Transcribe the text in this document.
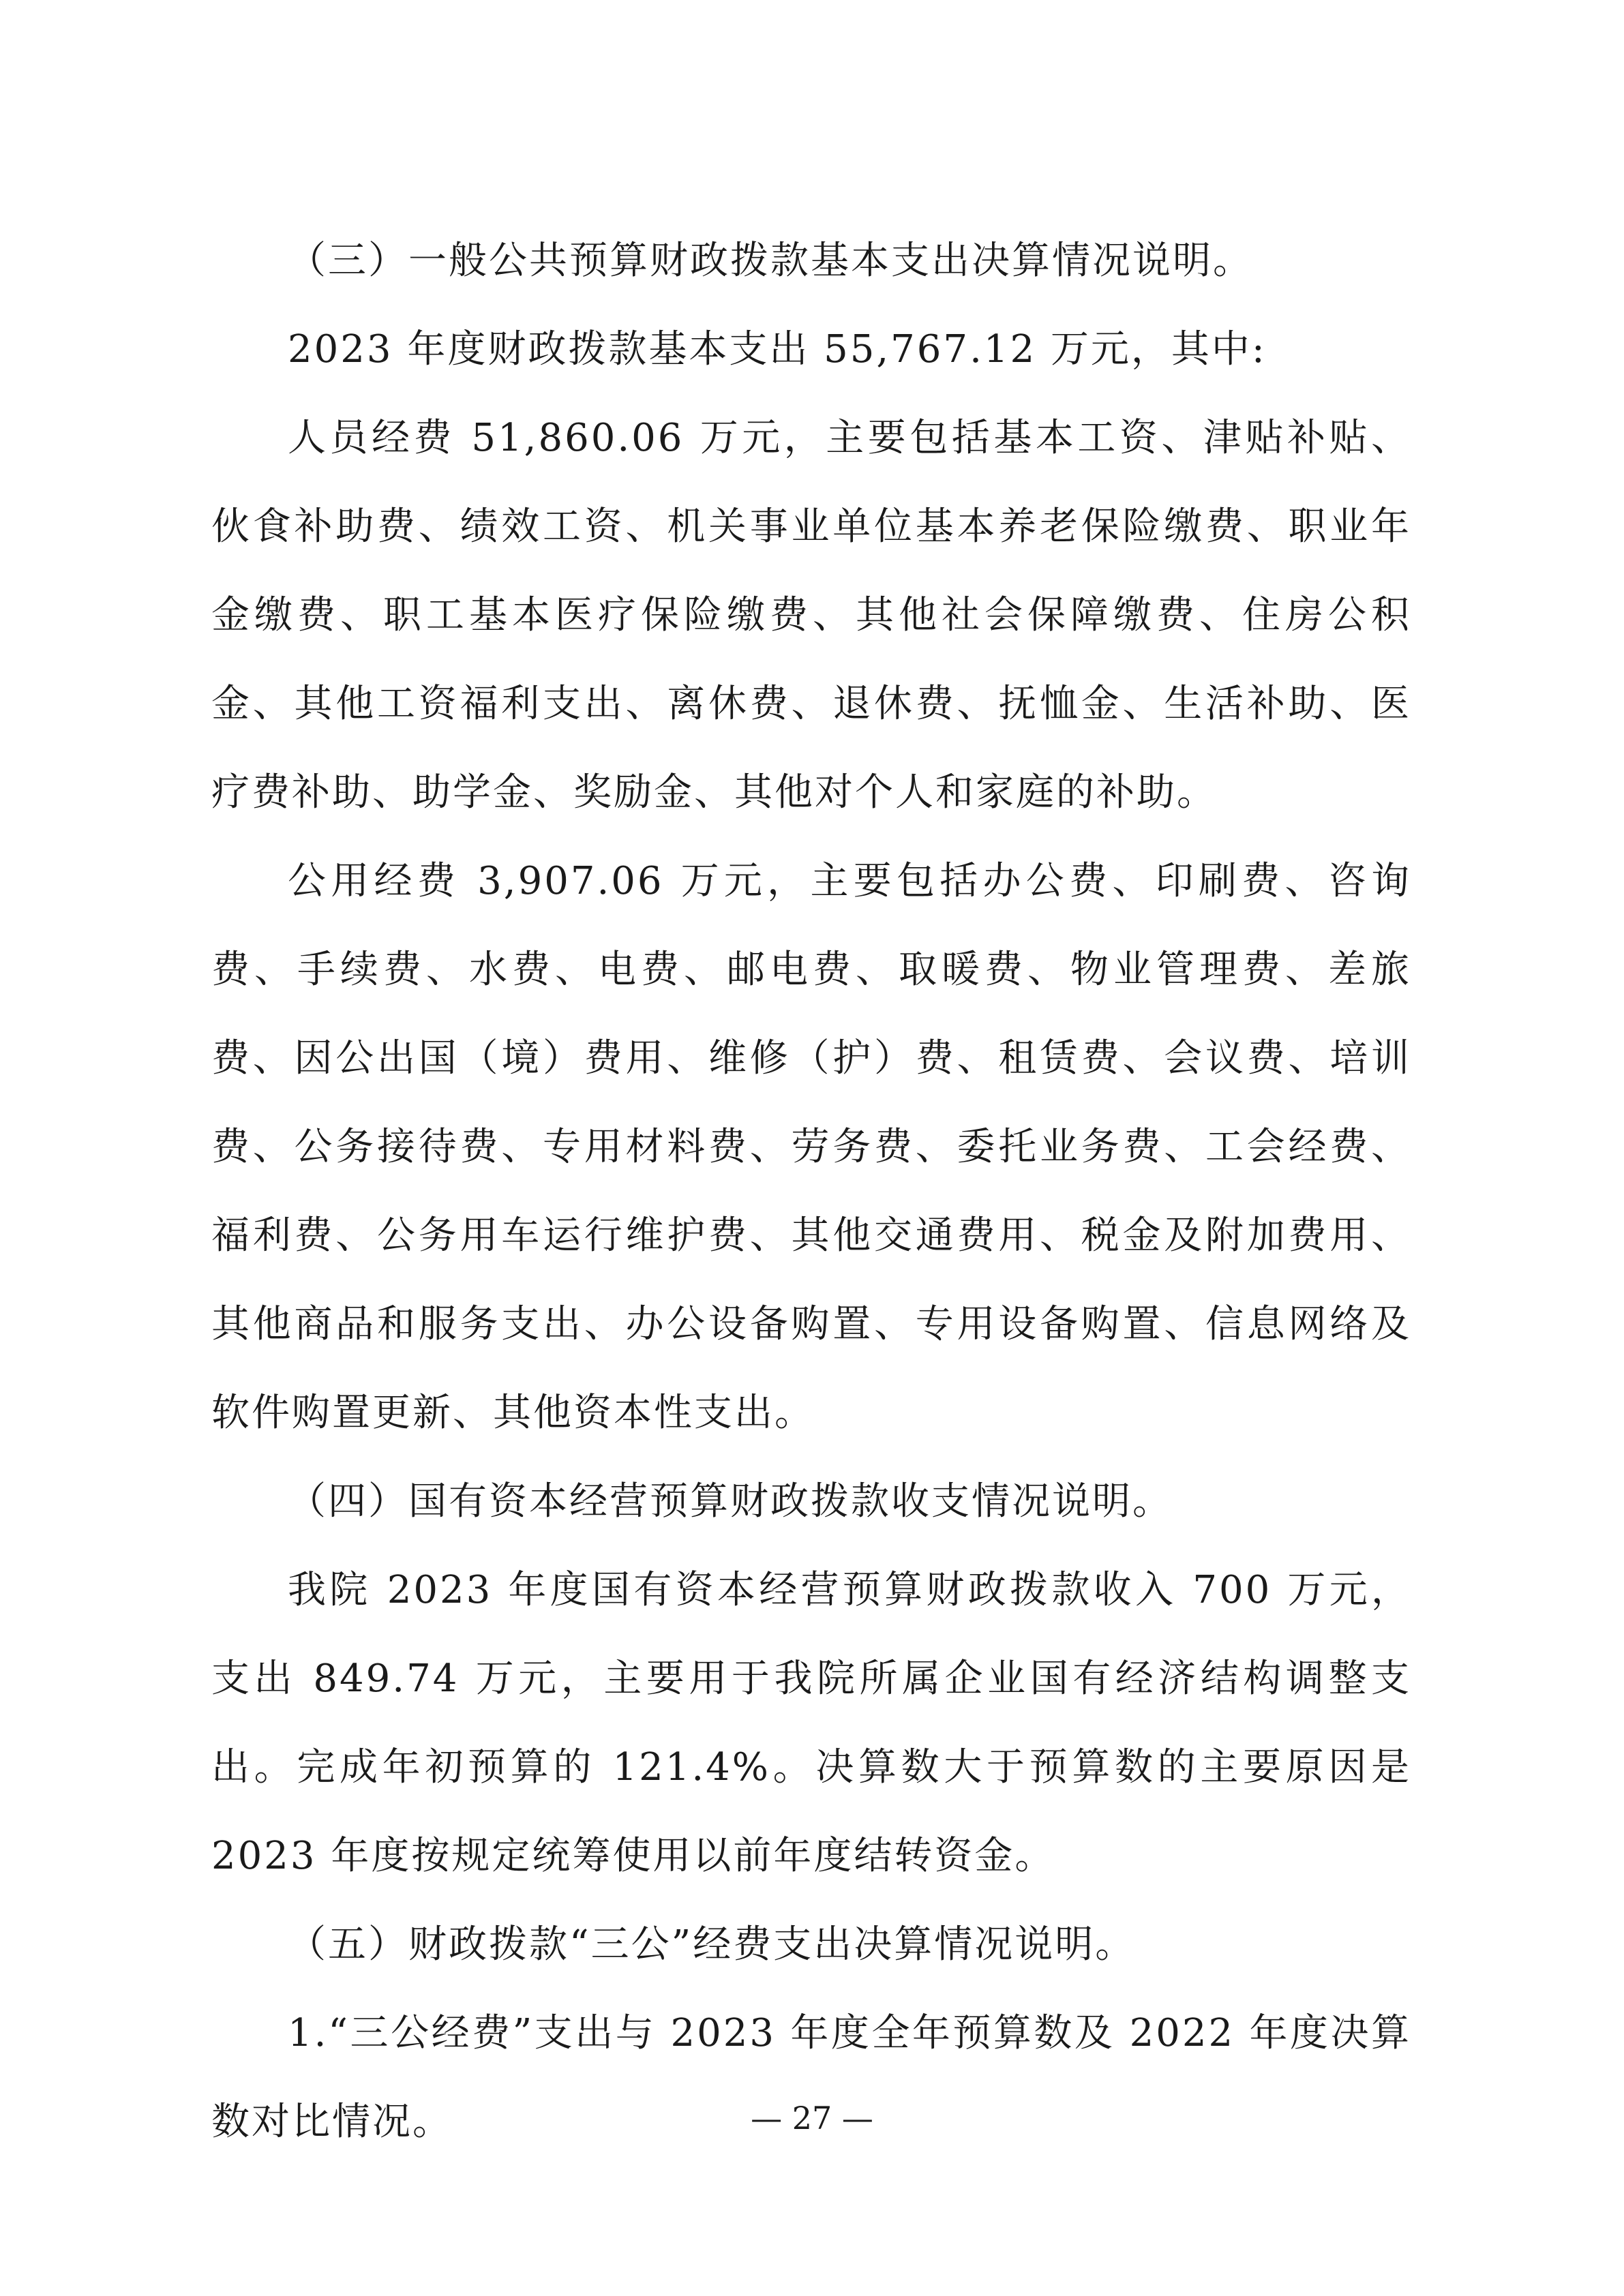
（三）一般公共预算财政拨款基本支出决算情况说明。

2023 年度财政拨款基本支出 55,767.12 万元，其中:

人员经费 51,860.06 万元，主要包括基本工资、津贴补贴、伙食补助费、绩效工资、机关事业单位基本养老保险缴费、职业年金缴费、职工基本医疗保险缴费、其他社会保障缴费、住房公积金、其他工资福利支出、离休费、退休费、抚恤金、生活补助、医疗费补助、助学金、奖励金、其他对个人和家庭的补助。

公用经费 3,907.06 万元，主要包括办公费、印刷费、咨询费、手续费、水费、电费、邮电费、取暖费、物业管理费、差旅费、因公出国（境）费用、维修（护）费、租赁费、会议费、培训费、公务接待费、专用材料费、劳务费、委托业务费、工会经费、福利费、公务用车运行维护费、其他交通费用、税金及附加费用、其他商品和服务支出、办公设备购置、专用设备购置、信息网络及软件购置更新、其他资本性支出。

（四）国有资本经营预算财政拨款收支情况说明。

我院 2023 年度国有资本经营预算财政拨款收入 700 万元，支出 849.74 万元，主要用于我院所属企业国有经济结构调整支出。完成年初预算的 121.4%。决算数大于预算数的主要原因是 2023 年度按规定统筹使用以前年度结转资金。

（五）财政拨款“三公”经费支出决算情况说明。

1.“三公经费”支出与 2023 年度全年预算数及 2022 年度决算数对比情况。	— 27 —
